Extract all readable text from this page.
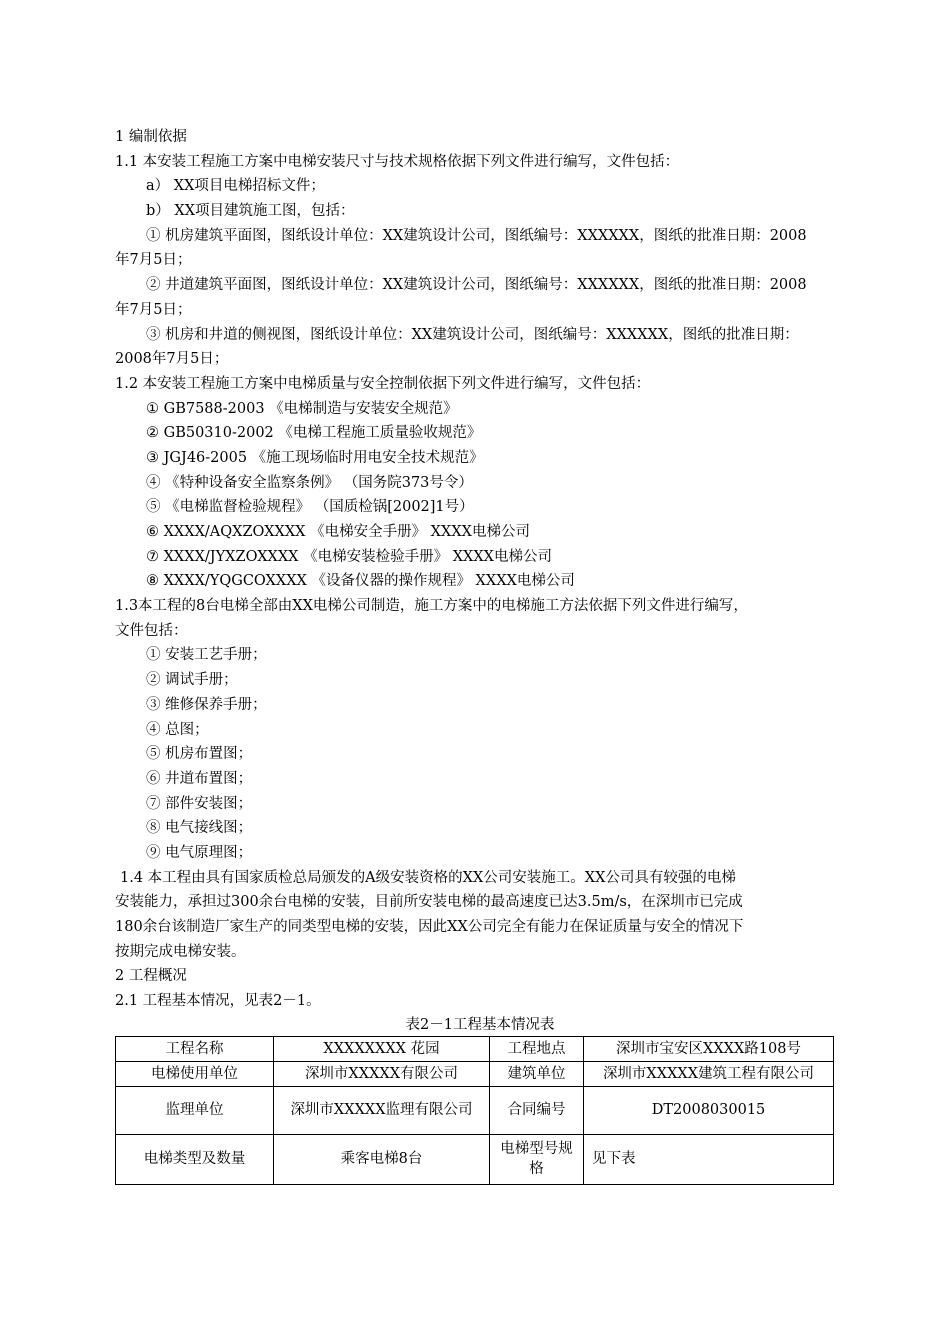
1 编制依据
1.1 本安装工程施工方案中电梯安装尺寸与技术规格依据下列文件进行编写，文件包括：
a） XX项目电梯招标文件；
b） XX项目建筑施工图，包括：
① 机房建筑平面图，图纸设计单位：XX建筑设计公司，图纸编号：XXXXXX，图纸的批准日期：2008
年7月5日；
② 井道建筑平面图，图纸设计单位：XX建筑设计公司，图纸编号：XXXXXX，图纸的批准日期：2008
年7月5日；
③ 机房和井道的侧视图，图纸设计单位：XX建筑设计公司，图纸编号：XXXXXX，图纸的批准日期：
2008年7月5日；
1.2 本安装工程施工方案中电梯质量与安全控制依据下列文件进行编写，文件包括：
① GB7588-2003 《电梯制造与安装安全规范》
② GB50310-2002 《电梯工程施工质量验收规范》
③ JGJ46-2005 《施工现场临时用电安全技术规范》
④ 《特种设备安全监察条例》 （国务院373号令）
⑤ 《电梯监督检验规程》 （国质检锅[2002]1号）
⑥ XXXX/AQXZOXXXX 《电梯安全手册》 XXXX电梯公司
⑦ XXXX/JYXZOXXXX 《电梯安装检验手册》 XXXX电梯公司
⑧ XXXX/YQGCOXXXX 《设备仪器的操作规程》 XXXX电梯公司
1.3本工程的8台电梯全部由XX电梯公司制造，施工方案中的电梯施工方法依据下列文件进行编写，
文件包括：
① 安装工艺手册；
② 调试手册；
③ 维修保养手册；
④ 总图；
⑤ 机房布置图；
⑥ 井道布置图；
⑦ 部件安装图；
⑧ 电气接线图；
⑨ 电气原理图；
1.4 本工程由具有国家质检总局颁发的A级安装资格的XX公司安装施工。XX公司具有较强的电梯
安装能力，承担过300余台电梯的安装，目前所安装电梯的最高速度已达3.5m/s，在深圳市已完成
180余台该制造厂家生产的同类型电梯的安装，因此XX公司完全有能力在保证质量与安全的情况下
按期完成电梯安装。
2 工程概况
2.1 工程基本情况，见表2－1。
表2－1工程基本情况表
工程名称	XXXXXXXX 花园	工程地点	深圳市宝安区XXXX路108号
电梯使用单位	深圳市XXXXX有限公司	建筑单位	深圳市XXXXX建筑工程有限公司
监理单位	深圳市XXXXX监理有限公司	合同编号	DT2008030015
电梯类型及数量	乘客电梯8台	电梯型号规格	见下表
